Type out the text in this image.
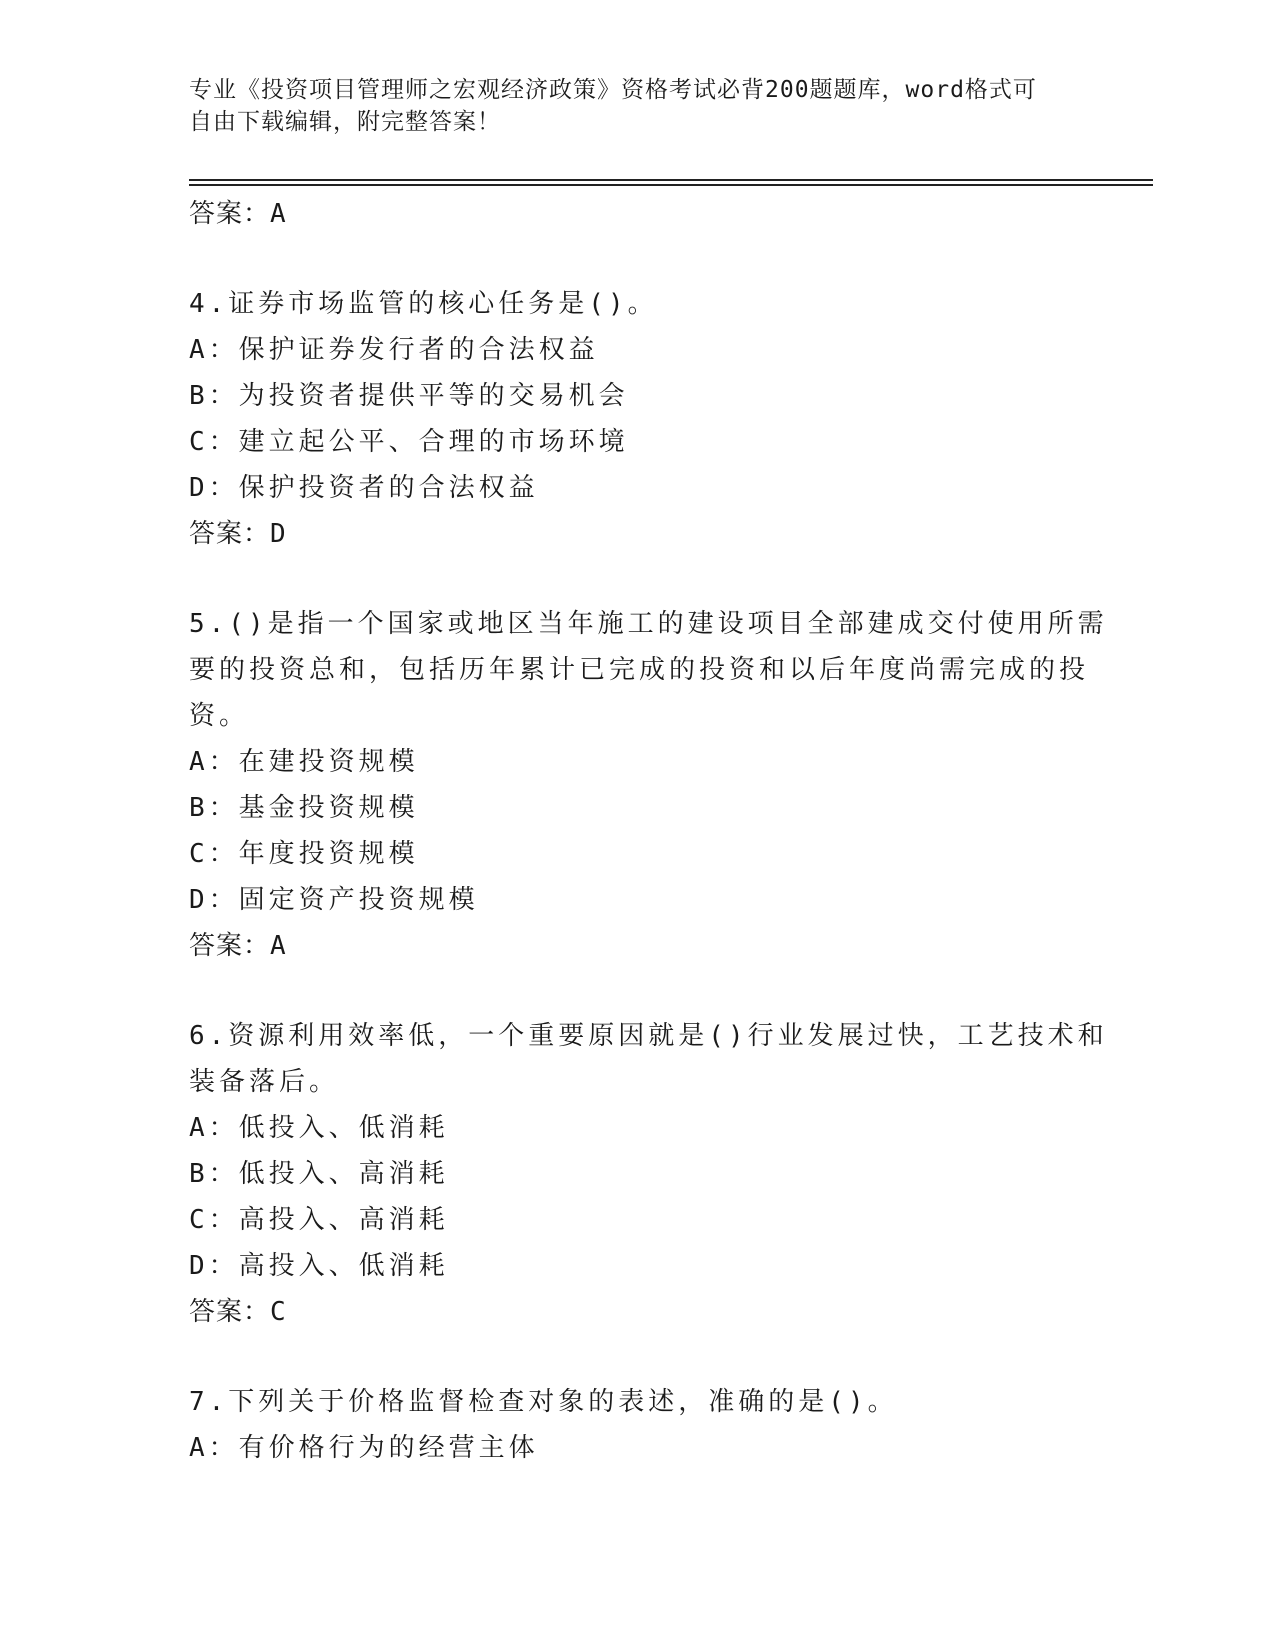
专业《投资项目管理师之宏观经济政策》资格考试必背200题题库，word格式可
自由下载编辑，附完整答案！
答案：A
4.证券市场监管的核心任务是()。
A：保护证券发行者的合法权益
B：为投资者提供平等的交易机会
C：建立起公平、合理的市场环境
D：保护投资者的合法权益
答案：D
5.()是指一个国家或地区当年施工的建设项目全部建成交付使用所需
要的投资总和，包括历年累计已完成的投资和以后年度尚需完成的投
资。
A：在建投资规模
B：基金投资规模
C：年度投资规模
D：固定资产投资规模
答案：A
6.资源利用效率低，一个重要原因就是()行业发展过快，工艺技术和
装备落后。
A：低投入、低消耗
B：低投入、高消耗
C：高投入、高消耗
D：高投入、低消耗
答案：C
7.下列关于价格监督检查对象的表述，准确的是()。
A：有价格行为的经营主体
